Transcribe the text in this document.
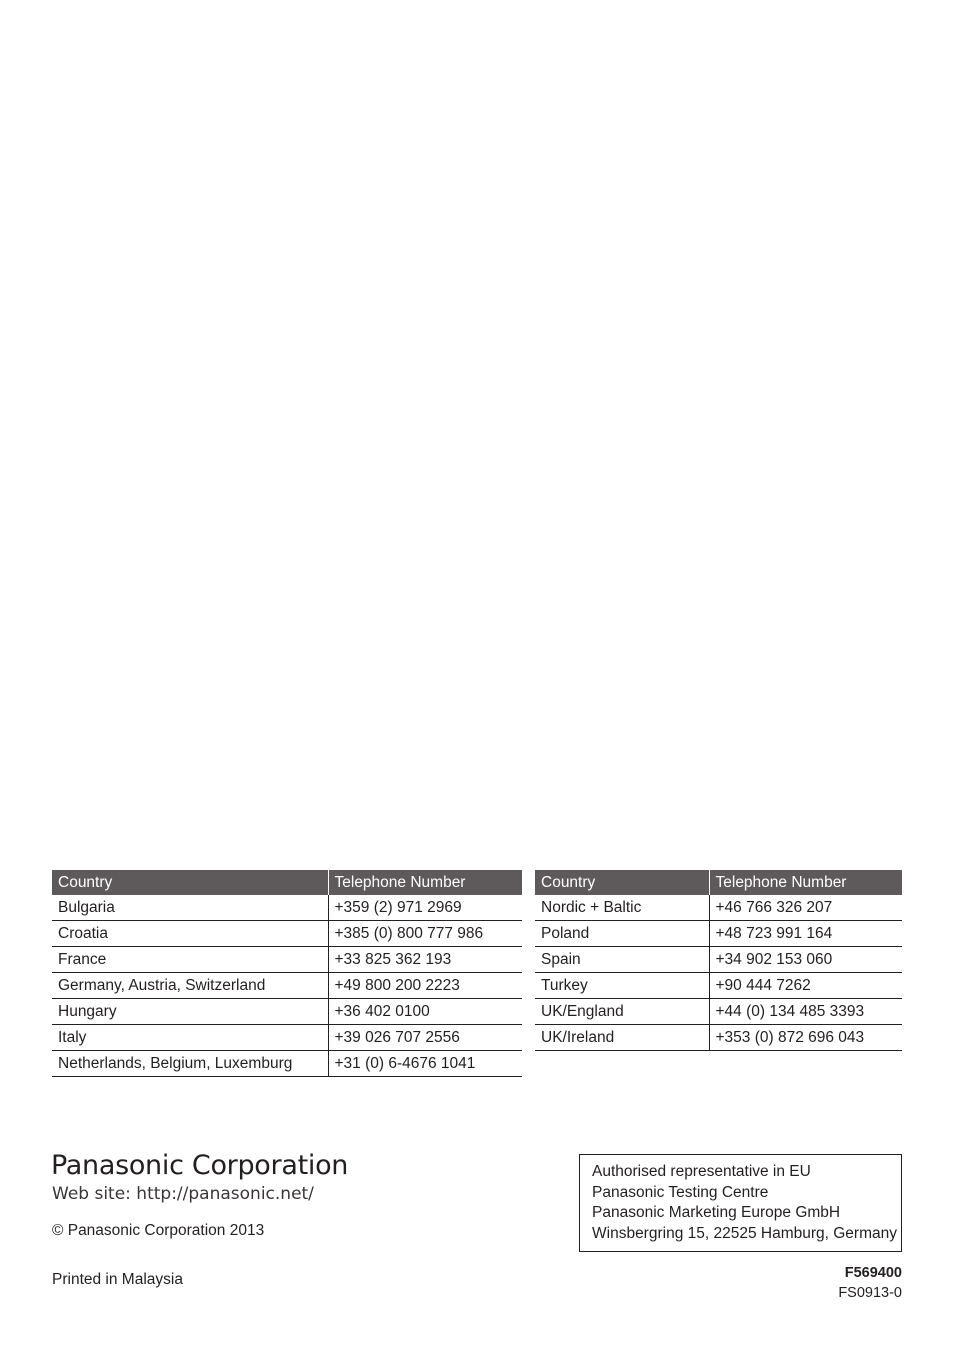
Country	Telephone Number
Bulgaria	+359 (2) 971 2969
Croatia	+385 (0) 800 777 986
France	+33 825 362 193
Germany, Austria, Switzerland	+49 800 200 2223
Hungary	+36 402 0100
Italy	+39 026 707 2556
Netherlands, Belgium, Luxemburg	+31 (0) 6-4676 1041
Country	Telephone Number
Nordic + Baltic	+46 766 326 207
Poland	+48 723 991 164
Spain	+34 902 153 060
Turkey	+90 444 7262
UK/England	+44 (0) 134 485 3393
UK/Ireland	+353 (0) 872 696 043
Panasonic Corporation
Web site: http://panasonic.net/
© Panasonic Corporation 2013
Printed in Malaysia
Authorised representative in EU
Panasonic Testing Centre
Panasonic Marketing Europe GmbH
Winsbergring 15, 22525 Hamburg, Germany
F569400
FS0913-0
